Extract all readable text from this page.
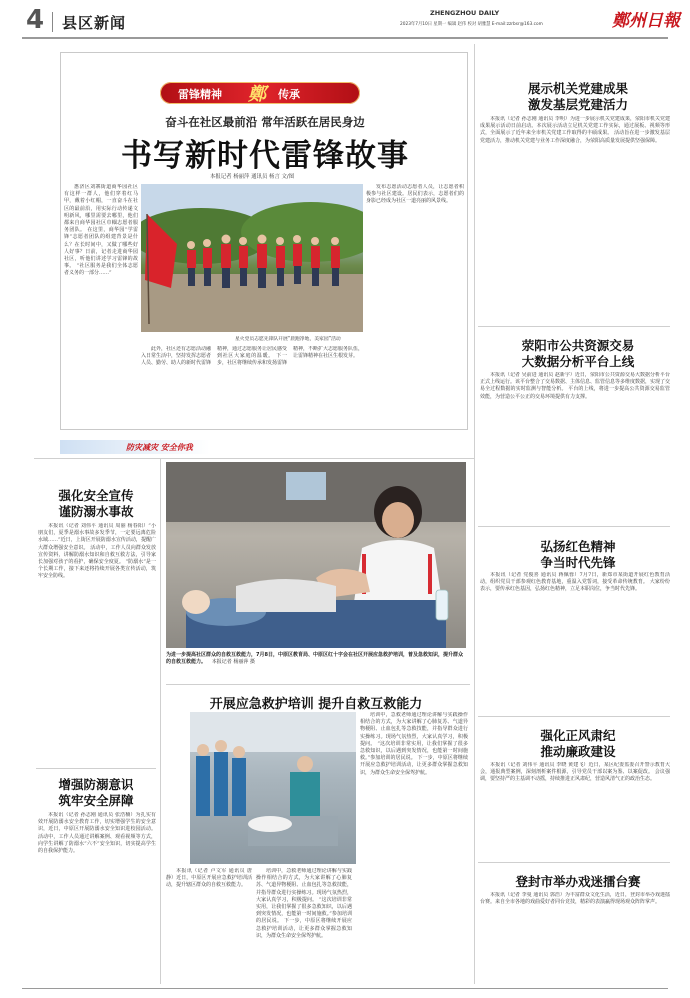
4 县区新闻
ZHENGZHOU DAILY
2023年7月10日 星期一 编辑 赵伟 校对 胡雅慧 E-mail:zzrbsr@163.com	鄭州日報
雷锋精神 鄭 传承
奋斗在社区最前沿 常年活跃在居民身边
书写新时代雷锋故事
本报记者 杨丽萍 通讯员 杨言 文/图

惠济区刘寨街道商华园社区有这样一群人，他们穿着红马甲，戴着小红帽，一直奋斗在社区的最前沿，用实际行动传递文明新风，哪里需要去哪里，他们都来自商华园社区巾帼志愿者服务团队。 在这里，商华园“学雷锋”志愿者团队的组建背景是什么？在长时间中，又做了哪些好人好事？日前，记者走进商华园社区，听他们讲述学习雷锋的故事。 “社区服务是我们全体志愿者义务的一部分……”

星火党员志愿先锋队开展“晨跑净地，美家园”活动

此外，社区还有志愿活动融入日常生活中，坚持发挥志愿者人员、勤劳、助人的新时代雷锋精神，通过志愿服务让居民感受到社区大家庭的温暖。 下一步，社区将继续传承和发扬雷锋精神，不断扩大志愿服务队伍，让雷锋精神在社区生根发芽。

发布志愿活动志愿者人员，让志愿者积极参与社区建设。居民们表示，志愿者们的身影已经成为社区一道亮丽的风景线。

展示机关党建成果
激发基层党建活力

本报讯（记者 孙志刚 通讯员 李明）为进一步展示机关党建成果，荥阳市机关党建成果展示活动日前启动。本次展示活动立足机关党建工作实际，通过展板、视频等形式，全面展示了近年来全市机关党建工作取得的丰硕成果。 活动旨在进一步激发基层党建活力，推动机关党建与业务工作深度融合，为荥阳高质量发展提供坚强保障。

荥阳市公共资源交易
大数据分析平台上线

本报讯（记者 吴前进 通讯员 赵新宇）近日，荥阳市公共资源交易大数据分析平台正式上线运行。该平台整合了交易数据、主体信息、监管信息等多维度数据，实现了交易全过程数据的实时监测与智能分析。 平台的上线，将进一步提高公共资源交易监管效能，为营造公平公正的交易环境提供有力支撑。

弘扬红色精神
争当时代先锋

本报讯（记者 党俊喜 通讯员 蒋佩蓉）7月7日，新郑市某街道开展红色教育活动，组织党员干部参观红色教育基地，重温入党誓词，接受革命传统教育。 大家纷纷表示，要传承红色基因，弘扬红色精神，立足本职岗位，争当时代先锋。

强化正风肃纪
推动廉政建设

本报讯（记者 刘伟平 通讯员 李晓 黄建飞）近日，某区纪委监委召开警示教育大会，通报典型案例，深刻剖析案件根源，引导党员干部以案为鉴、以案促改。 会议强调，要坚持严的主基调不动摇，持续推进正风肃纪，营造风清气正的政治生态。

登封市举办戏迷擂台赛

本报讯（记者 李曼 通讯员 郭浩）为丰富群众文化生活，近日，登封市举办戏迷擂台赛。来自全市各地的戏曲爱好者同台竞技，精彩的表演赢得现场观众阵阵掌声。

防灾减灾 安全你我
强化安全宣传
谨防溺水事故

本报讯（记者 刘伟平 通讯员 周丽 杨春阳）“小朋友们，夏季是溺水事故多发季节，一定要远离危险水域……”近日，上街区开展防溺水宣传活动，提醒广大群众增强安全意识。 活动中，工作人员向群众发放宣传资料，讲解防溺水知识和自救互救方法，引导家长加强对孩子的看护，确保安全度夏。 “防溺水”是一个长期工作，接下来还将持续开展各类宣传活动，筑牢安全防线。

增强防溺意识
筑牢安全屏障

本报讯（记者 孙志刚 通讯员 张浩楠）为扎实有效开展防溺水安全教育工作，切实增强学生的安全意识，近日，中原区开展防溺水安全知识进校园活动。 活动中，工作人员通过讲解案例、观看视频等方式，向学生讲解了防溺水“六不”安全知识，切实提高学生的自我保护能力。

为进一步提高社区群众的自救互救能力，7月8日，中原区教育局、中原区红十字会在社区开展应急救护培训，普及急救知识，提升群众的自救互救能力。 本报记者 杨丽萍 摄
开展应急救护培训 提升自救互救能力

本报讯（记者 卢文军 通讯员 唐静）近日，中原区开展应急救护培训活动，提升辖区群众的自救互救能力。

培训中，急救老师通过理论讲解与实践操作相结合的方式，为大家讲解了心肺复苏、气道异物梗阻、止血包扎等急救技能，并指导群众进行实操练习。现场气氛热烈，大家认真学习，积极提问。 “这次培训非常实用，让我们掌握了很多急救知识，以后遇到突发情况，也能第一时间施救。”参加培训的居民说。 下一步，中原区将继续开展应急救护培训活动，让更多群众掌握急救知识，为群众生命安全保驾护航。

培训中，急救老师通过理论讲解与实践操作相结合的方式，为大家讲解了心肺复苏、气道异物梗阻、止血包扎等急救技能，并指导群众进行实操练习。现场气氛热烈，大家认真学习，积极提问。 “这次培训非常实用，让我们掌握了很多急救知识，以后遇到突发情况，也能第一时间施救。”参加培训的居民说。 下一步，中原区将继续开展应急救护培训活动，让更多群众掌握急救知识，为群众生命安全保驾护航。
